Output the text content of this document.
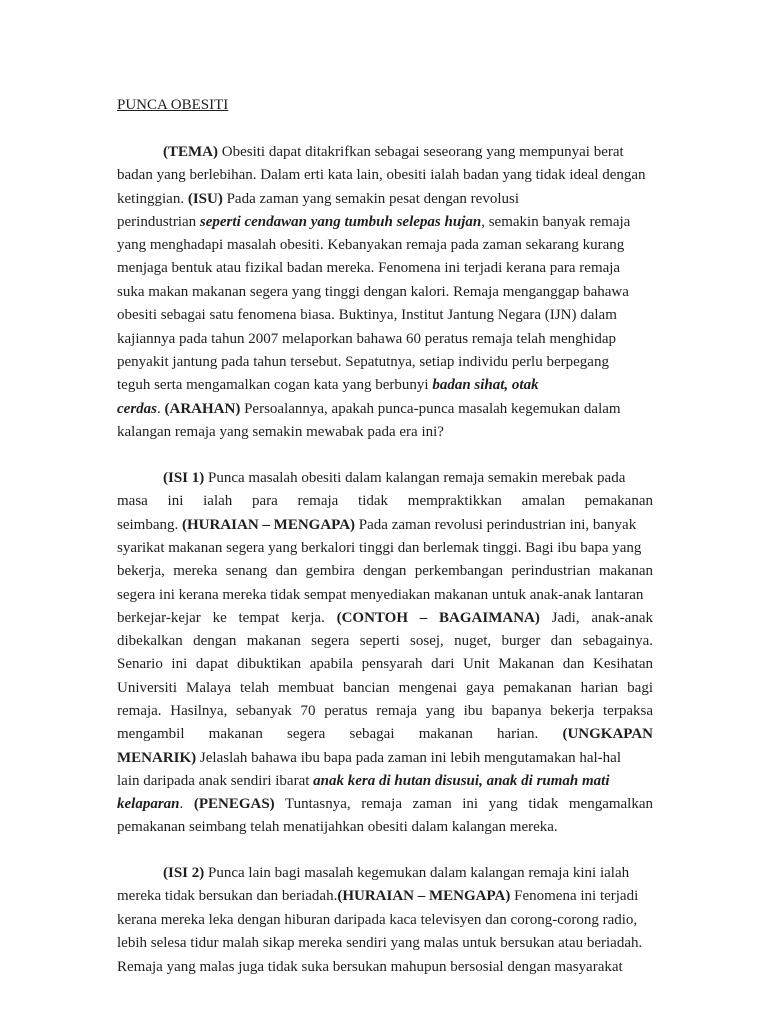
PUNCA OBESITI
(TEMA) Obesiti dapat ditakrifkan sebagai seseorang yang mempunyai berat
badan yang berlebihan. Dalam erti kata lain, obesiti ialah badan yang tidak ideal dengan
ketinggian. (ISU) Pada zaman yang semakin pesat dengan revolusi
perindustrian seperti cendawan yang tumbuh selepas hujan, semakin banyak remaja
yang menghadapi masalah obesiti. Kebanyakan remaja pada zaman sekarang kurang
menjaga bentuk atau fizikal badan mereka. Fenomena ini terjadi kerana para remaja
suka makan makanan segera yang tinggi dengan kalori. Remaja menganggap bahawa
obesiti sebagai satu fenomena biasa. Buktinya, Institut Jantung Negara (IJN) dalam
kajiannya pada tahun 2007 melaporkan bahawa 60 peratus remaja telah menghidap
penyakit jantung pada tahun tersebut. Sepatutnya, setiap individu perlu berpegang
teguh serta mengamalkan cogan kata yang berbunyi badan sihat, otak
cerdas. (ARAHAN) Persoalannya, apakah punca-punca masalah kegemukan dalam
kalangan remaja yang semakin mewabak pada era ini?
(ISI 1) Punca masalah obesiti dalam kalangan remaja semakin merebak pada
masa ini ialah para remaja tidak mempraktikkan amalan pemakanan
seimbang. (HURAIAN – MENGAPA) Pada zaman revolusi perindustrian ini, banyak
syarikat makanan segera yang berkalori tinggi dan berlemak tinggi. Bagi ibu bapa yang
bekerja, mereka senang dan gembira dengan perkembangan perindustrian makanan
segera ini kerana mereka tidak sempat menyediakan makanan untuk anak-anak lantaran
berkejar-kejar ke tempat kerja. (CONTOH – BAGAIMANA) Jadi, anak-anak
dibekalkan dengan makanan segera seperti sosej, nuget, burger dan sebagainya.
Senario ini dapat dibuktikan apabila pensyarah dari Unit Makanan dan Kesihatan
Universiti Malaya telah membuat bancian mengenai gaya pemakanan harian bagi
remaja. Hasilnya, sebanyak 70 peratus remaja yang ibu bapanya bekerja terpaksa
mengambil makanan segera sebagai makanan harian. (UNGKAPAN
MENARIK) Jelaslah bahawa ibu bapa pada zaman ini lebih mengutamakan hal-hal
lain daripada anak sendiri ibarat anak kera di hutan disusui, anak di rumah mati
kelaparan. (PENEGAS) Tuntasnya, remaja zaman ini yang tidak mengamalkan
pemakanan seimbang telah menatijahkan obesiti dalam kalangan mereka.
(ISI 2) Punca lain bagi masalah kegemukan dalam kalangan remaja kini ialah
mereka tidak bersukan dan beriadah.(HURAIAN – MENGAPA) Fenomena ini terjadi
kerana mereka leka dengan hiburan daripada kaca televisyen dan corong-corong radio,
lebih selesa tidur malah sikap mereka sendiri yang malas untuk bersukan atau beriadah.
Remaja yang malas juga tidak suka bersukan mahupun bersosial dengan masyarakat
